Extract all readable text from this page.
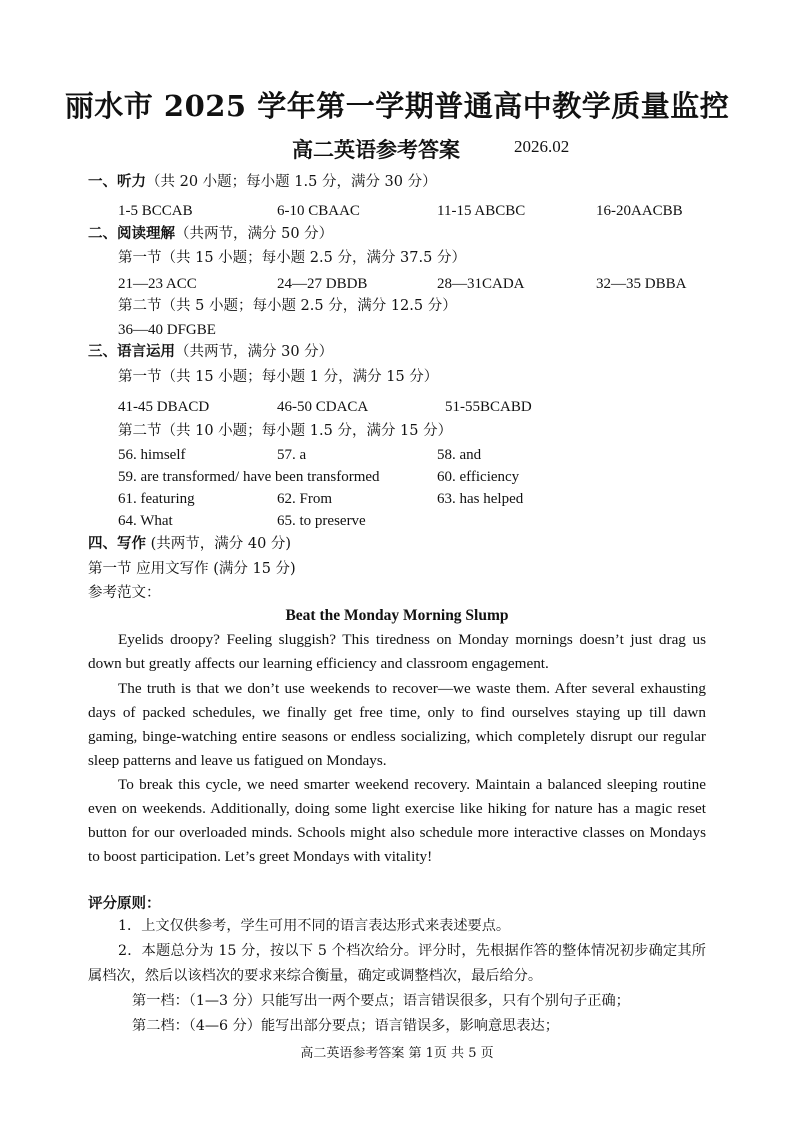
丽水市 2025 学年第一学期普通高中教学质量监控
高二英语参考答案	2026.02
一、听力（共 20 小题；每小题 1.5 分，满分 30 分）
1-5 BCCAB	6-10 CBAAC	11-15 ABCBC	16-20AACBB
二、阅读理解（共两节，满分 50 分）
第一节（共 15 小题；每小题 2.5 分，满分 37.5 分）
21—23 ACC	24—27 DBDB	28—31CADA	32—35 DBBA
第二节（共 5 小题；每小题 2.5 分，满分 12.5 分）
36—40 DFGBE
三、语言运用（共两节，满分 30 分）
第一节（共 15 小题；每小题 1 分，满分 15 分）
41-45 DBACD	46-50 CDACA	51-55BCABD
第二节（共 10 小题；每小题 1.5 分，满分 15 分）
56. himself	57. a	58. and
59. are transformed/ have been transformed	60. efficiency
61. featuring	62. From	63. has helped
64. What	65. to preserve
四、写作 (共两节，满分 40 分)
第一节 应用文写作 (满分 15 分)
参考范文：
Beat the Monday Morning Slump
Eyelids droopy? Feeling sluggish? This tiredness on Monday mornings doesn’t just drag us down but greatly affects our learning efficiency and classroom engagement.
The truth is that we don’t use weekends to recover—we waste them. After several exhausting days of packed schedules, we finally get free time, only to find ourselves staying up till dawn gaming, binge-watching entire seasons or endless socializing, which completely disrupt our regular sleep patterns and leave us fatigued on Mondays.
To break this cycle, we need smarter weekend recovery. Maintain a balanced sleeping routine even on weekends. Additionally, doing some light exercise like hiking for nature has a magic reset button for our overloaded minds. Schools might also schedule more interactive classes on Mondays to boost participation. Let’s greet Mondays with vitality!
评分原则：
1．上文仅供参考，学生可用不同的语言表达形式来表述要点。
2．本题总分为 15 分，按以下 5 个档次给分。评分时，先根据作答的整体情况初步确定其所属档次，然后以该档次的要求来综合衡量，确定或调整档次，最后给分。
第一档：（1—3 分）只能写出一两个要点；语言错误很多，只有个别句子正确；
第二档：（4—6 分）能写出部分要点；语言错误多，影响意思表达；
高二英语参考答案 第 1页 共 5 页
